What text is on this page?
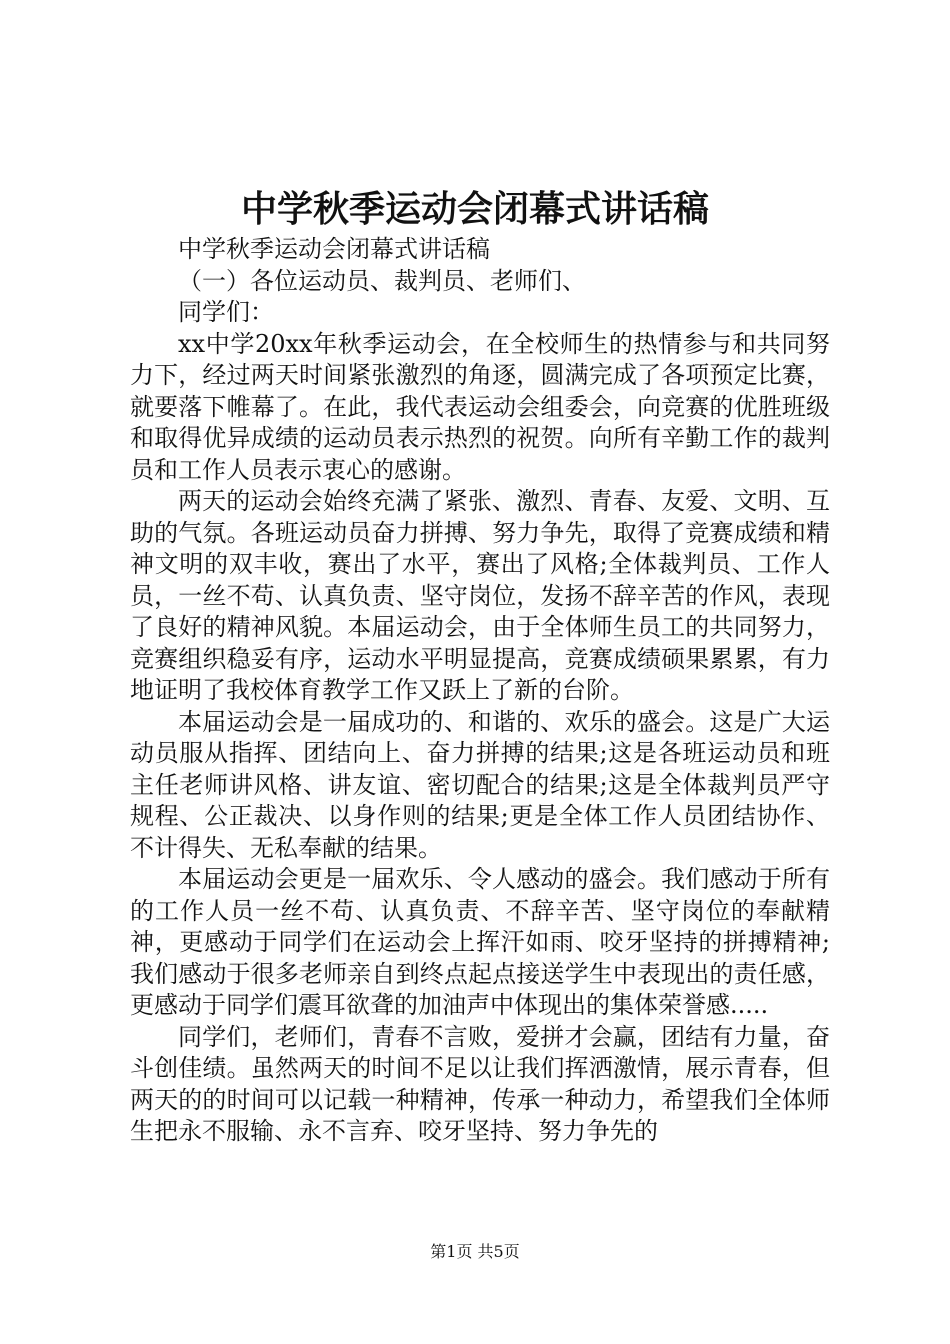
中学秋季运动会闭幕式讲话稿

中学秋季运动会闭幕式讲话稿

（一）各位运动员、裁判员、老师们、

同学们：

xx中学20xx年秋季运动会，在全校师生的热情参与和共同努力下，经过两天时间紧张激烈的角逐，圆满完成了各项预定比赛，就要落下帷幕了。在此，我代表运动会组委会，向竞赛的优胜班级和取得优异成绩的运动员表示热烈的祝贺。向所有辛勤工作的裁判员和工作人员表示衷心的感谢。

两天的运动会始终充满了紧张、激烈、青春、友爱、文明、互助的气氛。各班运动员奋力拼搏、努力争先，取得了竞赛成绩和精神文明的双丰收，赛出了水平，赛出了风格;全体裁判员、工作人员，一丝不苟、认真负责、坚守岗位，发扬不辞辛苦的作风，表现了良好的精神风貌。本届运动会，由于全体师生员工的共同努力，竞赛组织稳妥有序，运动水平明显提高，竞赛成绩硕果累累，有力地证明了我校体育教学工作又跃上了新的台阶。

本届运动会是一届成功的、和谐的、欢乐的盛会。这是广大运动员服从指挥、团结向上、奋力拼搏的结果;这是各班运动员和班主任老师讲风格、讲友谊、密切配合的结果;这是全体裁判员严守规程、公正裁决、以身作则的结果;更是全体工作人员团结协作、不计得失、无私奉献的结果。

本届运动会更是一届欢乐、令人感动的盛会。我们感动于所有的工作人员一丝不苟、认真负责、不辞辛苦、坚守岗位的奉献精神，更感动于同学们在运动会上挥汗如雨、咬牙坚持的拼搏精神;我们感动于很多老师亲自到终点起点接送学生中表现出的责任感，更感动于同学们震耳欲聋的加油声中体现出的集体荣誉感.....

同学们，老师们，青春不言败，爱拼才会赢，团结有力量，奋斗创佳绩。虽然两天的时间不足以让我们挥洒激情，展示青春，但两天的的时间可以记载一种精神，传承一种动力，希望我们全体师生把永不服输、永不言弃、咬牙坚持、努力争先的

第1页 共5页
